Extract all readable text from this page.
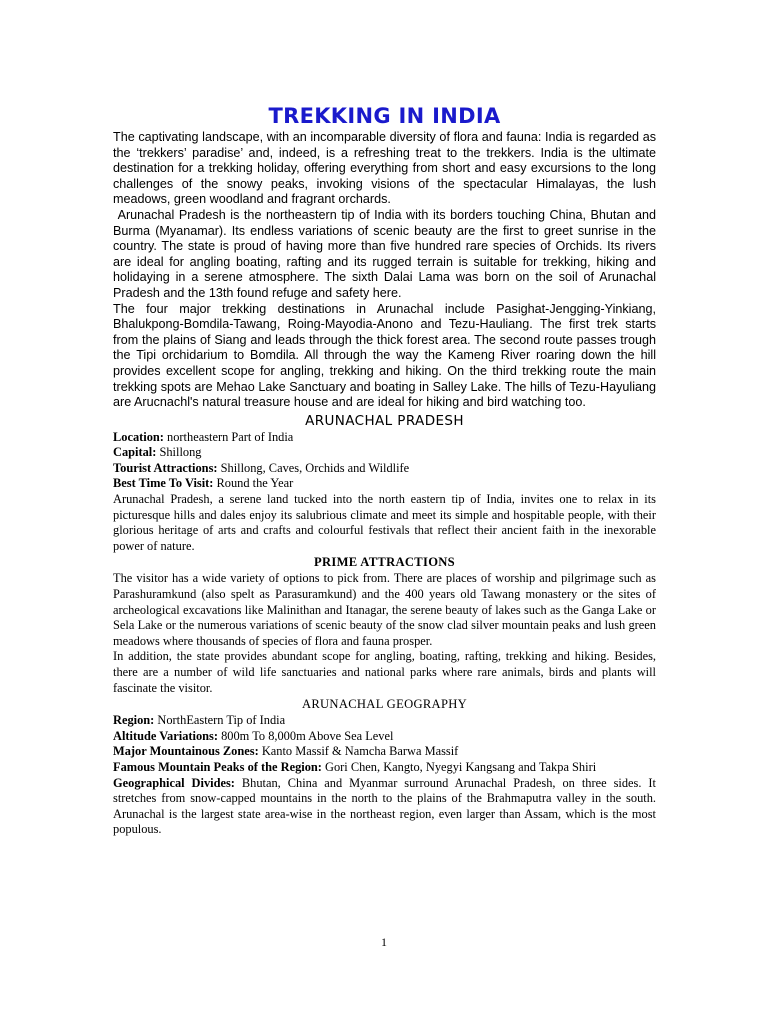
TREKKING IN INDIA

The captivating landscape, with an incomparable diversity of flora and fauna: India is regarded as the ‘trekkers’ paradise’ and, indeed, is a refreshing treat to the trekkers. India is the ultimate destination for a trekking holiday, offering everything from short and easy excursions to the long challenges of the snowy peaks, invoking visions of the spectacular Himalayas, the lush meadows, green woodland and fragrant orchards.

Arunachal Pradesh is the northeastern tip of India with its borders touching China, Bhutan and Burma (Myanamar). Its endless variations of scenic beauty are the first to greet sunrise in the country. The state is proud of having more than five hundred rare species of Orchids. Its rivers are ideal for angling boating, rafting and its rugged terrain is suitable for trekking, hiking and holidaying in a serene atmosphere. The sixth Dalai Lama was born on the soil of Arunachal Pradesh and the 13th found refuge and safety here.

The four major trekking destinations in Arunachal include Pasighat-Jengging-Yinkiang, Bhalukpong-Bomdila-Tawang, Roing-Mayodia-Anono and Tezu-Hauliang. The first trek starts from the plains of Siang and leads through the thick forest area. The second route passes trough the Tipi orchidarium to Bomdila. All through the way the Kameng River roaring down the hill provides excellent scope for angling, trekking and hiking. On the third trekking route the main trekking spots are Mehao Lake Sanctuary and boating in Salley Lake. The hills of Tezu-Hayuliang are Arucnachl's natural treasure house and are ideal for hiking and bird watching too.

ARUNACHAL PRADESH
Location: northeastern Part of India
Capital: Shillong
Tourist Attractions: Shillong, Caves, Orchids and Wildlife
Best Time To Visit: Round the Year

Arunachal Pradesh, a serene land tucked into the north eastern tip of India, invites one to relax in its picturesque hills and dales enjoy its salubrious climate and meet its simple and hospitable people, with their glorious heritage of arts and crafts and colourful festivals that reflect their ancient faith in the inexorable power of nature.

PRIME ATTRACTIONS

The visitor has a wide variety of options to pick from. There are places of worship and pilgrimage such as Parashuramkund (also spelt as Parasuramkund) and the 400 years old Tawang monastery or the sites of archeological excavations like Malinithan and Itanagar, the serene beauty of lakes such as the Ganga Lake or Sela Lake or the numerous variations of scenic beauty of the snow clad silver mountain peaks and lush green meadows where thousands of species of flora and fauna prosper.

In addition, the state provides abundant scope for angling, boating, rafting, trekking and hiking. Besides, there are a number of wild life sanctuaries and national parks where rare animals, birds and plants will fascinate the visitor.

ARUNACHAL GEOGRAPHY
Region: NorthEastern Tip of India
Altitude Variations: 800m To 8,000m Above Sea Level
Major Mountainous Zones: Kanto Massif & Namcha Barwa Massif
Famous Mountain Peaks of the Region: Gori Chen, Kangto, Nyegyi Kangsang and Takpa Shiri

Geographical Divides: Bhutan, China and Myanmar surround Arunachal Pradesh, on three sides. It stretches from snow-capped mountains in the north to the plains of the Brahmaputra valley in the south. Arunachal is the largest state area-wise in the northeast region, even larger than Assam, which is the most populous.

1
